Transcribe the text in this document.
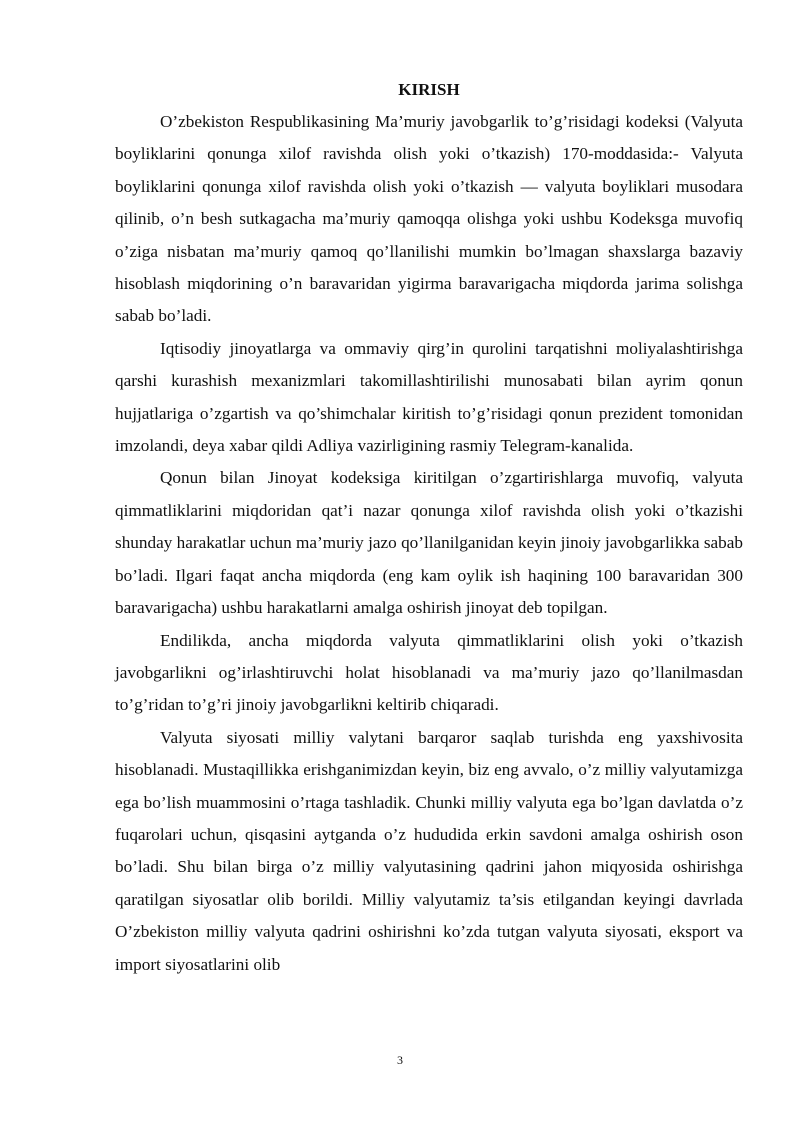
KIRISH

O’zbekiston Respublikasining Ma’muriy javobgarlik to’g’risidagi kodeksi (Valyuta boyliklarini qonunga xilof ravishda olish yoki o’tkazish) 170-moddasida:- Valyuta boyliklarini qonunga xilof ravishda olish yoki o’tkazish — valyuta boyliklari musodara qilinib, o’n besh sutkagacha ma’muriy qamoqqa olishga yoki ushbu Kodeksga muvofiq o’ziga nisbatan ma’muriy qamoq qo’llanilishi mumkin bo’lmagan shaxslarga bazaviy hisoblash miqdorining o’n baravaridan yigirma baravarigacha miqdorda jarima solishga sabab bo’ladi.

Iqtisodiy jinoyatlarga va ommaviy qirg’in qurolini tarqatishni moliyalashtirishga qarshi kurashish mexanizmlari takomillashtirilishi munosabati bilan ayrim qonun hujjatlariga o’zgartish va qo’shimchalar kiritish to’g’risidagi qonun prezident tomonidan imzolandi, deya xabar qildi Adliya vazirligining rasmiy Telegram-kanalida.

Qonun bilan Jinoyat kodeksiga kiritilgan o’zgartirishlarga muvofiq, valyuta qimmatliklarini miqdoridan qat’i nazar qonunga xilof ravishda olish yoki o’tkazishi shunday harakatlar uchun ma’muriy jazo qo’llanilganidan keyin jinoiy javobgarlikka sabab bo’ladi. Ilgari faqat ancha miqdorda (eng kam oylik ish haqining 100 baravaridan 300 baravarigacha) ushbu harakatlarni amalga oshirish jinoyat deb topilgan.

Endilikda, ancha miqdorda valyuta qimmatliklarini olish yoki o’tkazish javobgarlikni og’irlashtiruvchi holat hisoblanadi va ma’muriy jazo qo’llanilmasdan to’g’ridan to’g’ri jinoiy javobgarlikni keltirib chiqaradi.

Valyuta siyosati milliy valytani barqaror saqlab turishda eng yaxshivosita hisoblanadi. Mustaqillikka erishganimizdan keyin, biz eng avvalo, o’z milliy valyutamizga ega bo’lish muammosini o’rtaga tashladik. Chunki milliy valyuta ega bo’lgan davlatda o’z fuqarolari uchun, qisqasini aytganda o’z hududida erkin savdoni amalga oshirish oson bo’ladi. Shu bilan birga o’z milliy valyutasining qadrini jahon miqyosida oshirishga qaratilgan siyosatlar olib borildi. Milliy valyutamiz ta’sis etilgandan keyingi davrlada O’zbekiston milliy valyuta qadrini oshirishni ko’zda tutgan valyuta siyosati, eksport va import siyosatlarini olib

3
